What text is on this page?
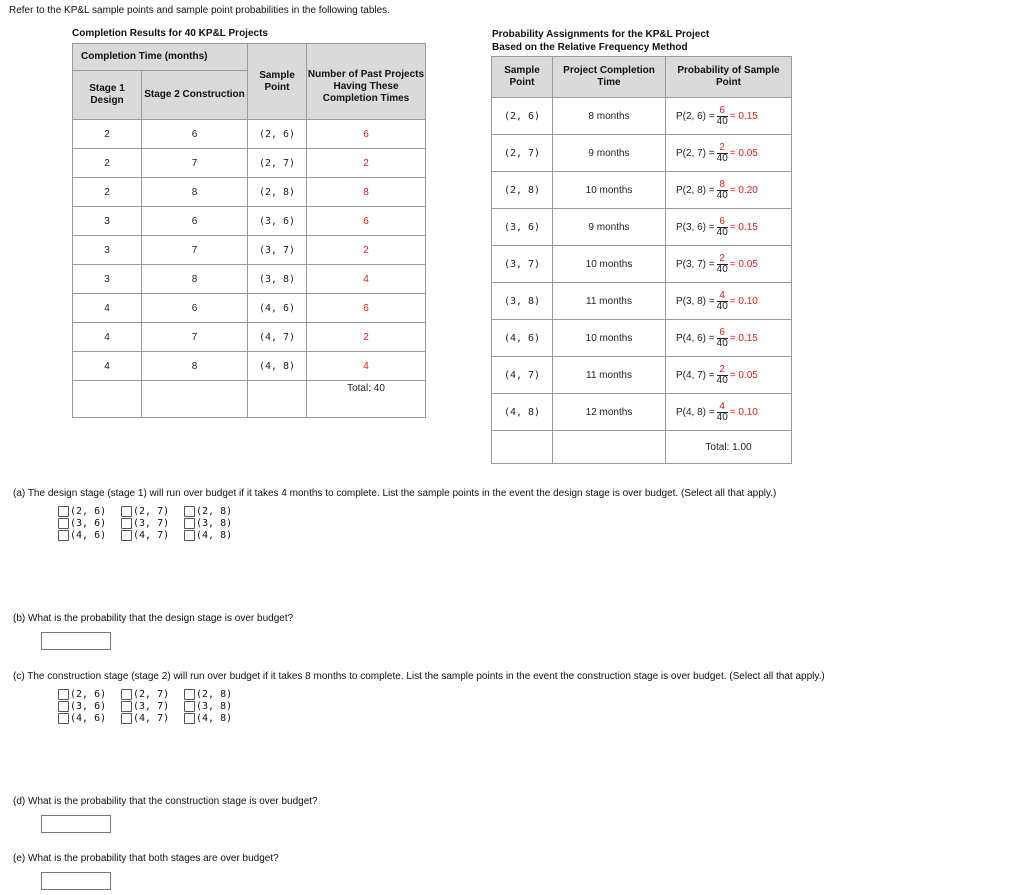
Refer to the KP&L sample points and sample point probabilities in the following tables.
Completion Results for 40 KP&L Projects
Completion Time (months)		Sample Point	Number of Past Projects Having These Completion Times
Stage 1 Design	Stage 2 Construction		
2	6	(2, 6)	6
2	7	(2, 7)	2
2	8	(2, 8)	8
3	6	(3, 6)	6
3	7	(3, 7)	2
3	8	(3, 8)	4
4	6	(4, 6)	6
4	7	(4, 7)	2
4	8	(4, 8)	4
			Total: 40
Probability Assignments for the KP&L Project
Based on the Relative Frequency Method
Sample Point	Project Completion Time	Probability of Sample Point
(2, 6)	8 months	P(2, $6) = \frac{6}{40} = 0.15$
(2, 7)	9 months	P(2, $7) = \frac{2}{40} = 0.05$
(2, 8)	10 months	P(2, $8) = \frac{8}{40} = 0.20$
(3, 6)	9 months	P(3, $6) = \frac{6}{40} = 0.15$
(3, 7)	10 months	P(3, $7) = \frac{2}{40} = 0.05$
(3, 8)	11 months	P(3, $8) = \frac{4}{40} = 0.10$
(4, 6)	10 months	P(4, $6) = \frac{6}{40} = 0.15$
(4, 7)	11 months	P(4, $7) = \frac{2}{40} = 0.05$
(4, 8)	12 months	P(4, $8) = \frac{4}{40} = 0.10$
		Total: 1.00
(a) The design stage (stage 1) will run over budget if it takes 4 months to complete. List the sample points in the event the design stage is over budget. (Select all that apply.)
(2, 6)	(2, 7)	(2, 8)
(3, 6)	(3, 7)	(3, 8)
(4, 6)	(4, 7)	(4, 8)
(b) What is the probability that the design stage is over budget?
(c) The construction stage (stage 2) will run over budget if it takes 8 months to complete. List the sample points in the event the construction stage is over budget. (Select all that apply.)
(2, 6)	(2, 7)	(2, 8)
(3, 6)	(3, 7)	(3, 8)
(4, 6)	(4, 7)	(4, 8)
(d) What is the probability that the construction stage is over budget?
(e) What is the probability that both stages are over budget?
